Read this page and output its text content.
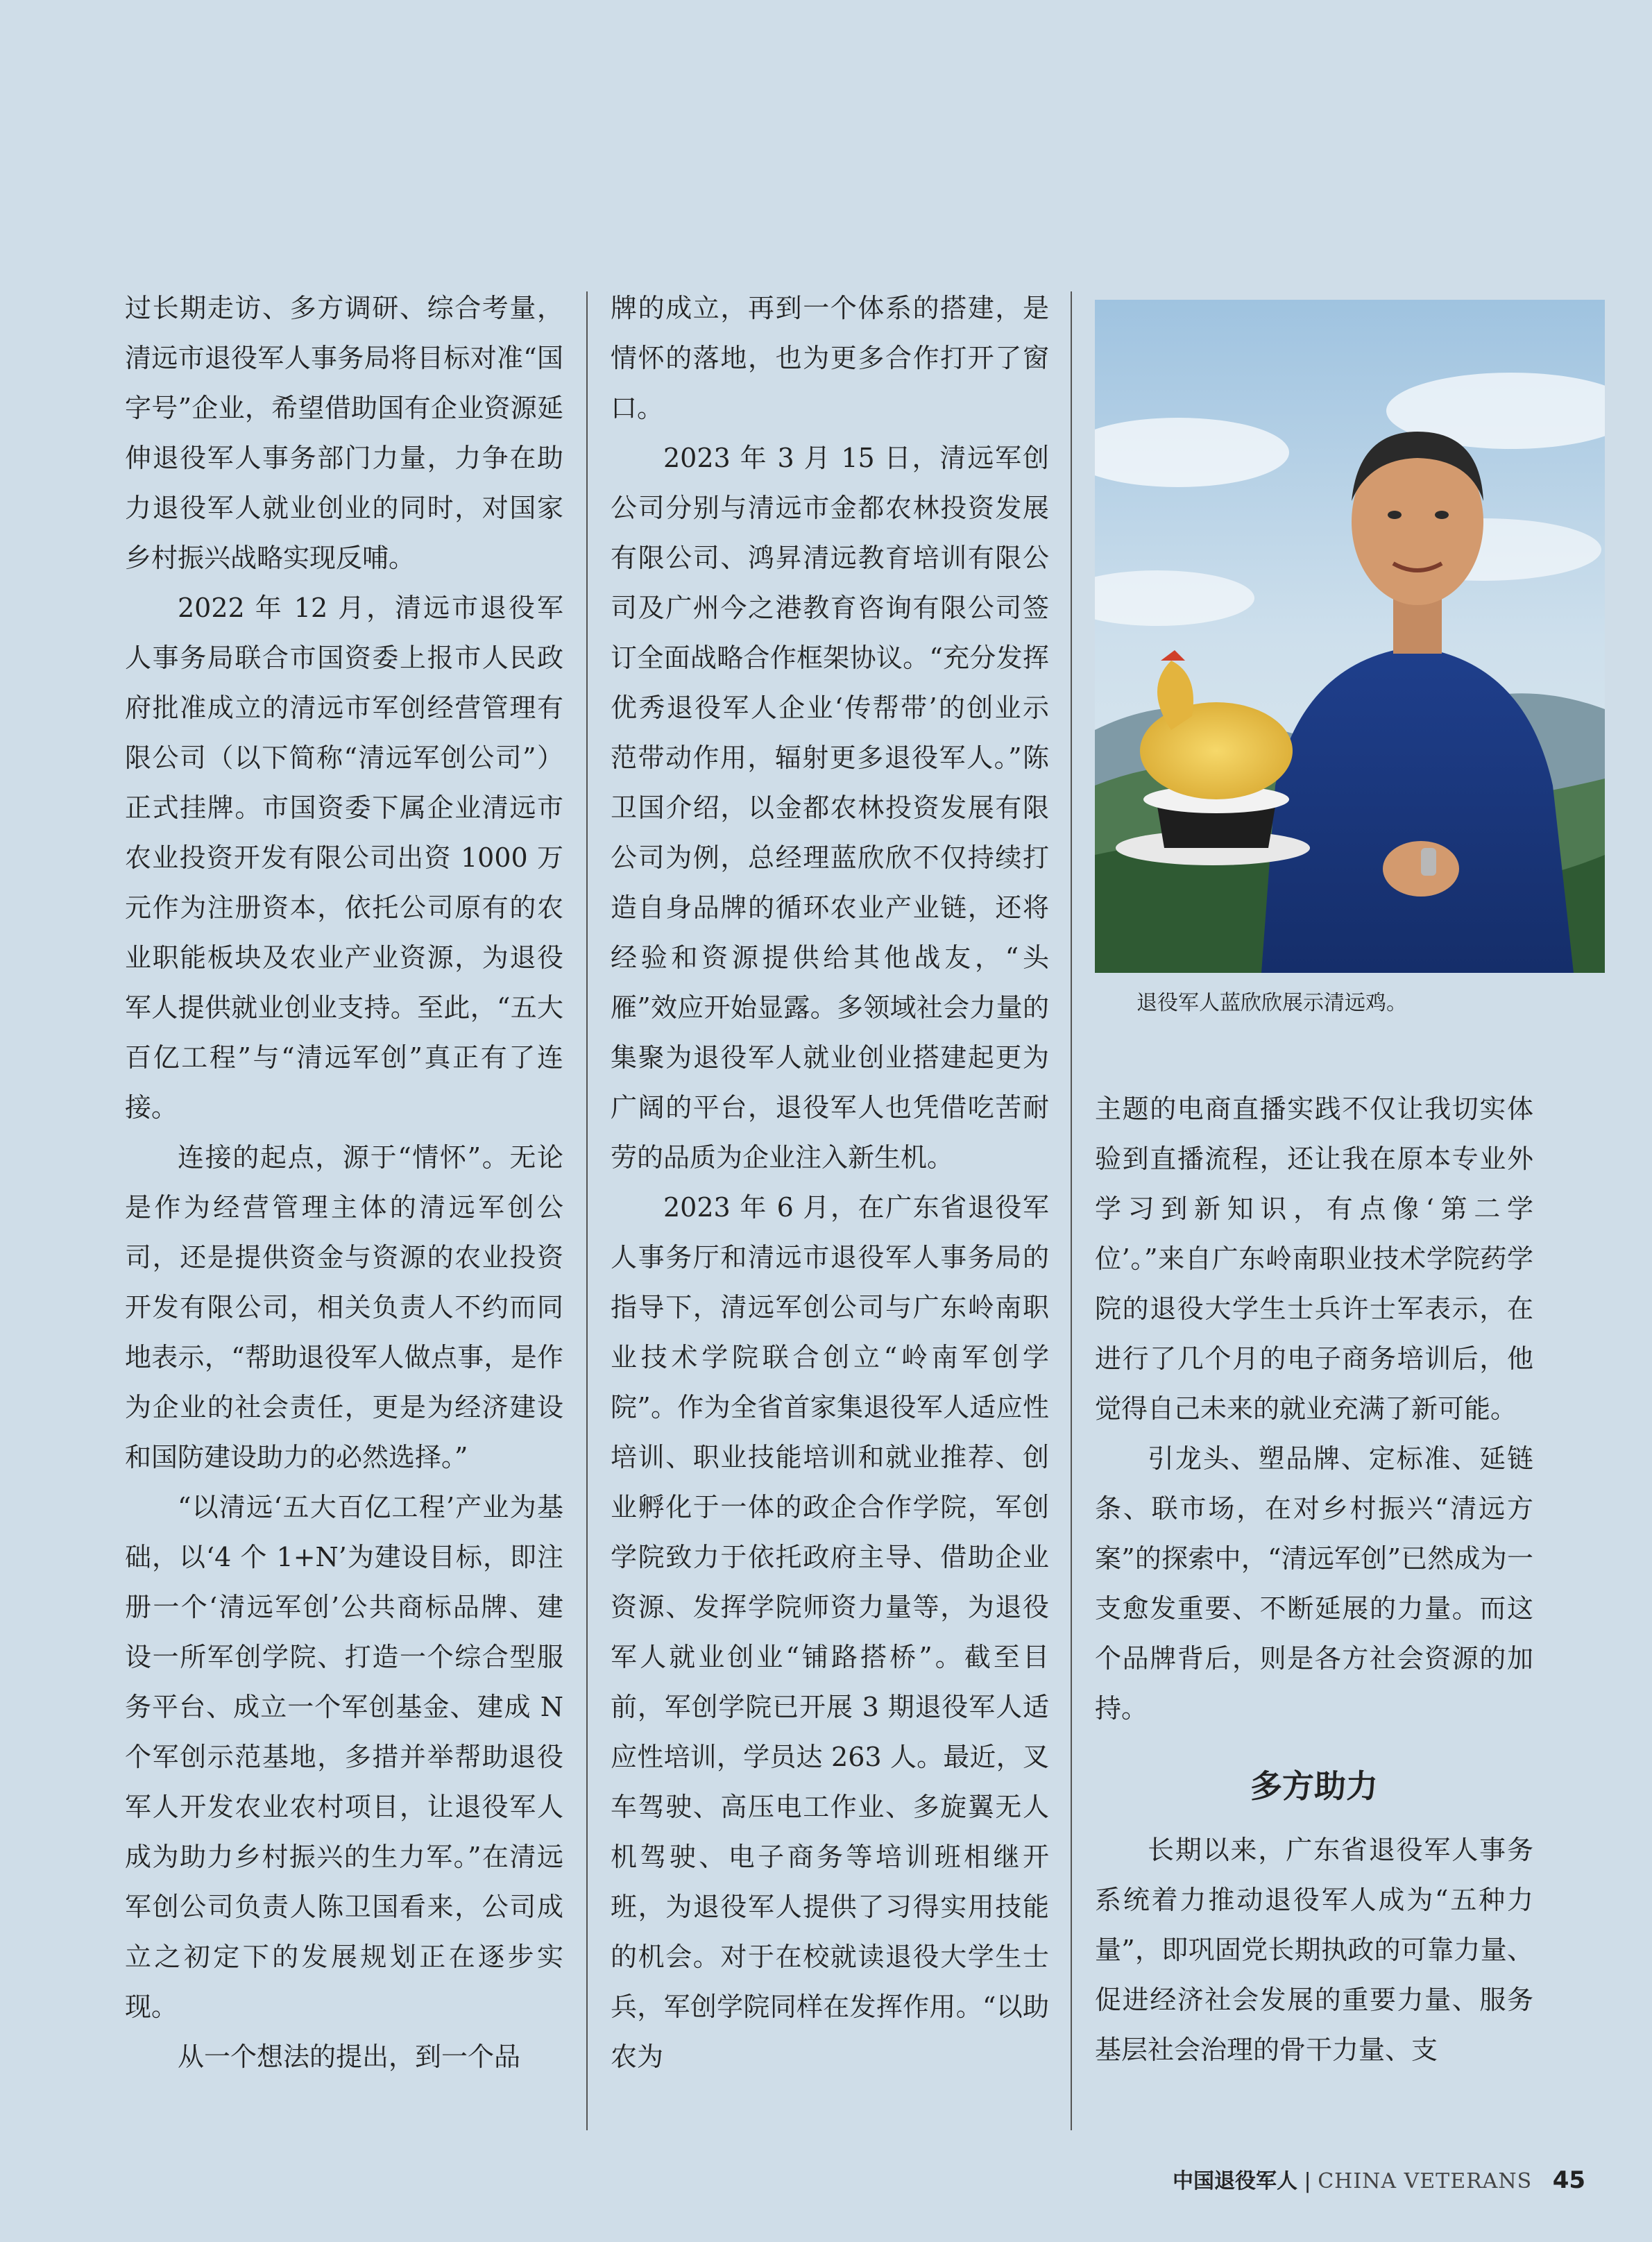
过长期走访、多方调研、综合考量，清远市退役军人事务局将目标对准“国字号”企业，希望借助国有企业资源延伸退役军人事务部门力量，力争在助力退役军人就业创业的同时，对国家乡村振兴战略实现反哺。

2022 年 12 月，清远市退役军人事务局联合市国资委上报市人民政府批准成立的清远市军创经营管理有限公司（以下简称“清远军创公司”）正式挂牌。市国资委下属企业清远市农业投资开发有限公司出资 1000 万元作为注册资本，依托公司原有的农业职能板块及农业产业资源，为退役军人提供就业创业支持。至此，“五大百亿工程”与“清远军创”真正有了连接。

连接的起点，源于“情怀”。无论是作为经营管理主体的清远军创公司，还是提供资金与资源的农业投资开发有限公司，相关负责人不约而同地表示，“帮助退役军人做点事，是作为企业的社会责任，更是为经济建设和国防建设助力的必然选择。”

“以清远‘五大百亿工程’产业为基础，以‘4 个 1+N’为建设目标，即注册一个‘清远军创’公共商标品牌、建设一所军创学院、打造一个综合型服务平台、成立一个军创基金、建成 N 个军创示范基地，多措并举帮助退役军人开发农业农村项目，让退役军人成为助力乡村振兴的生力军。”在清远军创公司负责人陈卫国看来，公司成立之初定下的发展规划正在逐步实现。

从一个想法的提出，到一个品

牌的成立，再到一个体系的搭建，是情怀的落地，也为更多合作打开了窗口。

2023 年 3 月 15 日，清远军创公司分别与清远市金都农林投资发展有限公司、鸿昇清远教育培训有限公司及广州今之港教育咨询有限公司签订全面战略合作框架协议。“充分发挥优秀退役军人企业‘传帮带’的创业示范带动作用，辐射更多退役军人。”陈卫国介绍，以金都农林投资发展有限公司为例，总经理蓝欣欣不仅持续打造自身品牌的循环农业产业链，还将经验和资源提供给其他战友，“头雁”效应开始显露。多领域社会力量的集聚为退役军人就业创业搭建起更为广阔的平台，退役军人也凭借吃苦耐劳的品质为企业注入新生机。

2023 年 6 月，在广东省退役军人事务厅和清远市退役军人事务局的指导下，清远军创公司与广东岭南职业技术学院联合创立“岭南军创学院”。作为全省首家集退役军人适应性培训、职业技能培训和就业推荐、创业孵化于一体的政企合作学院，军创学院致力于依托政府主导、借助企业资源、发挥学院师资力量等，为退役军人就业创业“铺路搭桥”。截至目前，军创学院已开展 3 期退役军人适应性培训，学员达 263 人。最近，叉车驾驶、高压电工作业、多旋翼无人机驾驶、电子商务等培训班相继开班，为退役军人提供了习得实用技能的机会。对于在校就读退役大学生士兵，军创学院同样在发挥作用。“以助农为

退役军人蓝欣欣展示清远鸡。

主题的电商直播实践不仅让我切实体验到直播流程，还让我在原本专业外学习到新知识，有点像‘第二学位’。”来自广东岭南职业技术学院药学院的退役大学生士兵许士军表示，在进行了几个月的电子商务培训后，他觉得自己未来的就业充满了新可能。

引龙头、塑品牌、定标准、延链条、联市场，在对乡村振兴“清远方案”的探索中，“清远军创”已然成为一支愈发重要、不断延展的力量。而这个品牌背后，则是各方社会资源的加持。

多方助力

长期以来，广东省退役军人事务系统着力推动退役军人成为“五种力量”，即巩固党长期执政的可靠力量、促进经济社会发展的重要力量、服务基层社会治理的骨干力量、支

中国退役军人 | CHINA VETERANS 45
